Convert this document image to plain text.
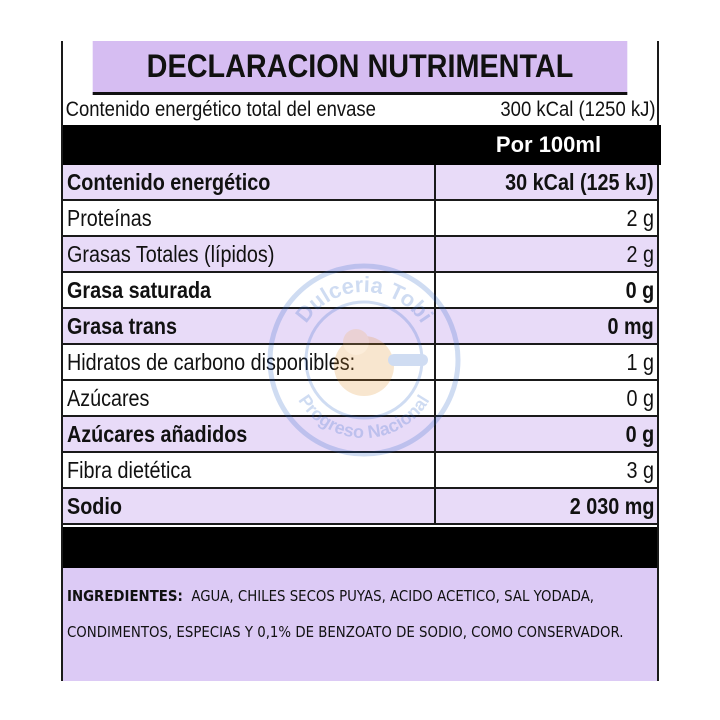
DECLARACION NUTRIMENTAL
Contenido energético total del envase	300 kCal (1250 kJ)
Por 100ml
Contenido energético	30 kCal (125 kJ)
Proteínas	2 g
Grasas Totales (lípidos)	2 g
Grasa saturada	0 g
Grasa trans	0 mg
Hidratos de carbono disponibles:	1 g
Azúcares	0 g
Azúcares añadidos	0 g
Fibra dietética	3 g
Sodio	2 030 mg
INGREDIENTES: AGUA, CHILES SECOS PUYAS, ACIDO ACETICO, SAL YODADA, CONDIMENTOS, ESPECIAS Y 0,1% DE BENZOATO DE SODIO, COMO CONSERVADOR.
Dulceria Tobi
Progreso Nacional
